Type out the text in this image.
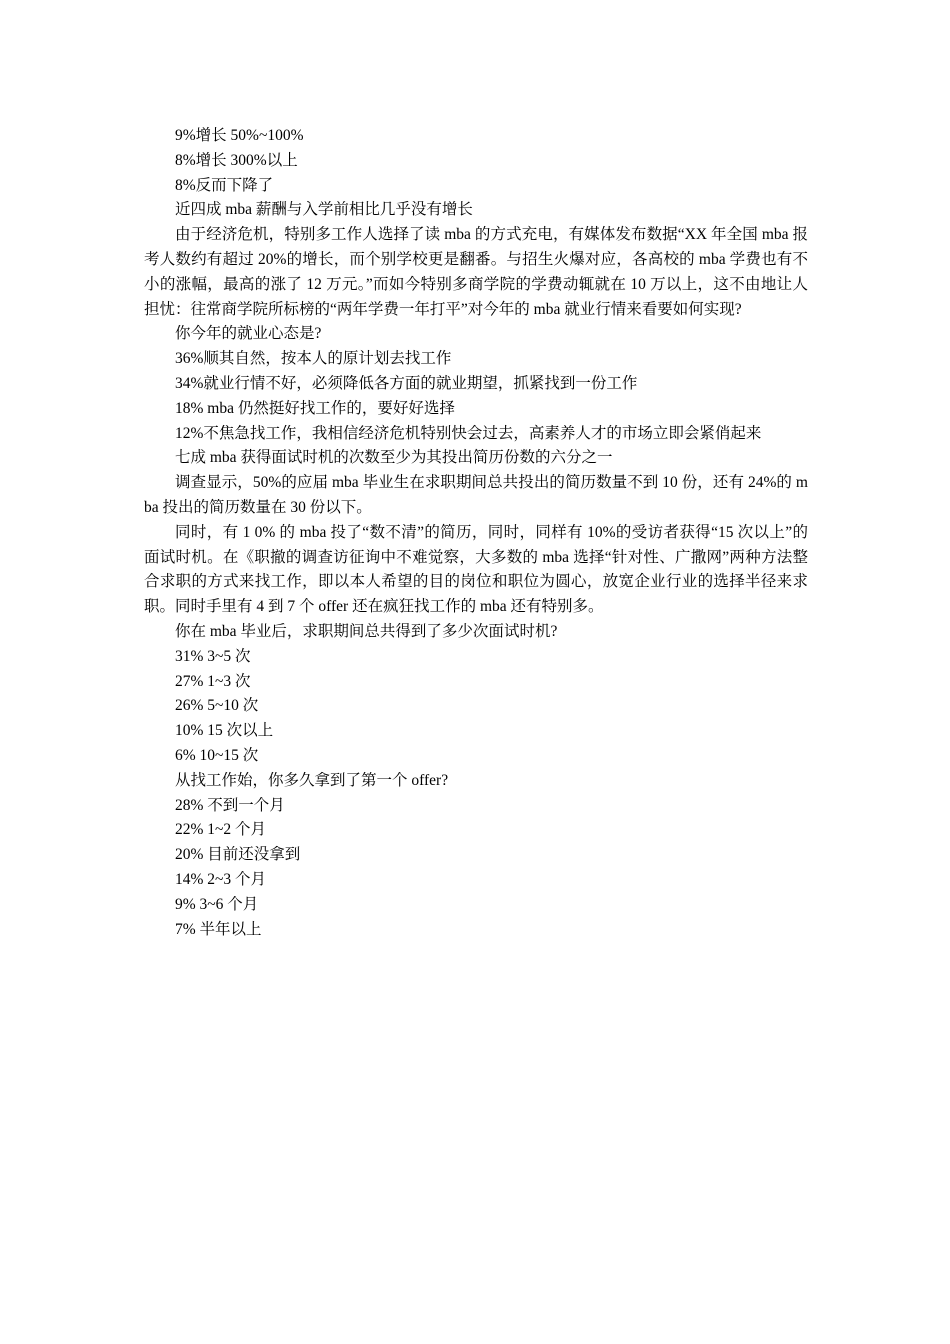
9%增长 50%~100%

8%增长 300%以上

8%反而下降了

近四成 mba 薪酬与入学前相比几乎没有增长

由于经济危机，特别多工作人选择了读 mba 的方式充电，有媒体发布数据“XX 年全国 mba 报考人数约有超过 20%的增长，而个别学校更是翻番。与招生火爆对应，各高校的 mba 学费也有不小的涨幅，最高的涨了 12 万元。”而如今特别多商学院的学费动辄就在 10 万以上，这不由地让人担忧：往常商学院所标榜的“两年学费一年打平”对今年的 mba 就业行情来看要如何实现?

你今年的就业心态是?

36%顺其自然，按本人的原计划去找工作

34%就业行情不好，必须降低各方面的就业期望，抓紧找到一份工作

18% mba 仍然挺好找工作的，要好好选择

12%不焦急找工作，我相信经济危机特别快会过去，高素养人才的市场立即会紧俏起来

七成 mba 获得面试时机的次数至少为其投出简历份数的六分之一

调查显示，50%的应届 mba 毕业生在求职期间总共投出的简历数量不到 10 份，还有 24%的 mba 投出的简历数量在 30 份以下。

同时，有 1 0% 的 mba 投了“数不清”的简历，同时，同样有 10%的受访者获得“15 次以上”的面试时机。在《职撤的调查访征询中不难觉察，大多数的 mba 选择“针对性、广撒网”两种方法整合求职的方式来找工作，即以本人希望的目的岗位和职位为圆心，放宽企业行业的选择半径来求职。同时手里有 4 到 7 个 offer 还在疯狂找工作的 mba 还有特别多。

你在 mba 毕业后，求职期间总共得到了多少次面试时机?

31% 3~5 次

27% 1~3 次

26% 5~10 次

10% 15 次以上

6% 10~15 次

从找工作始，你多久拿到了第一个 offer?

28% 不到一个月

22% 1~2 个月

20% 目前还没拿到

14% 2~3 个月

9% 3~6 个月

7% 半年以上
